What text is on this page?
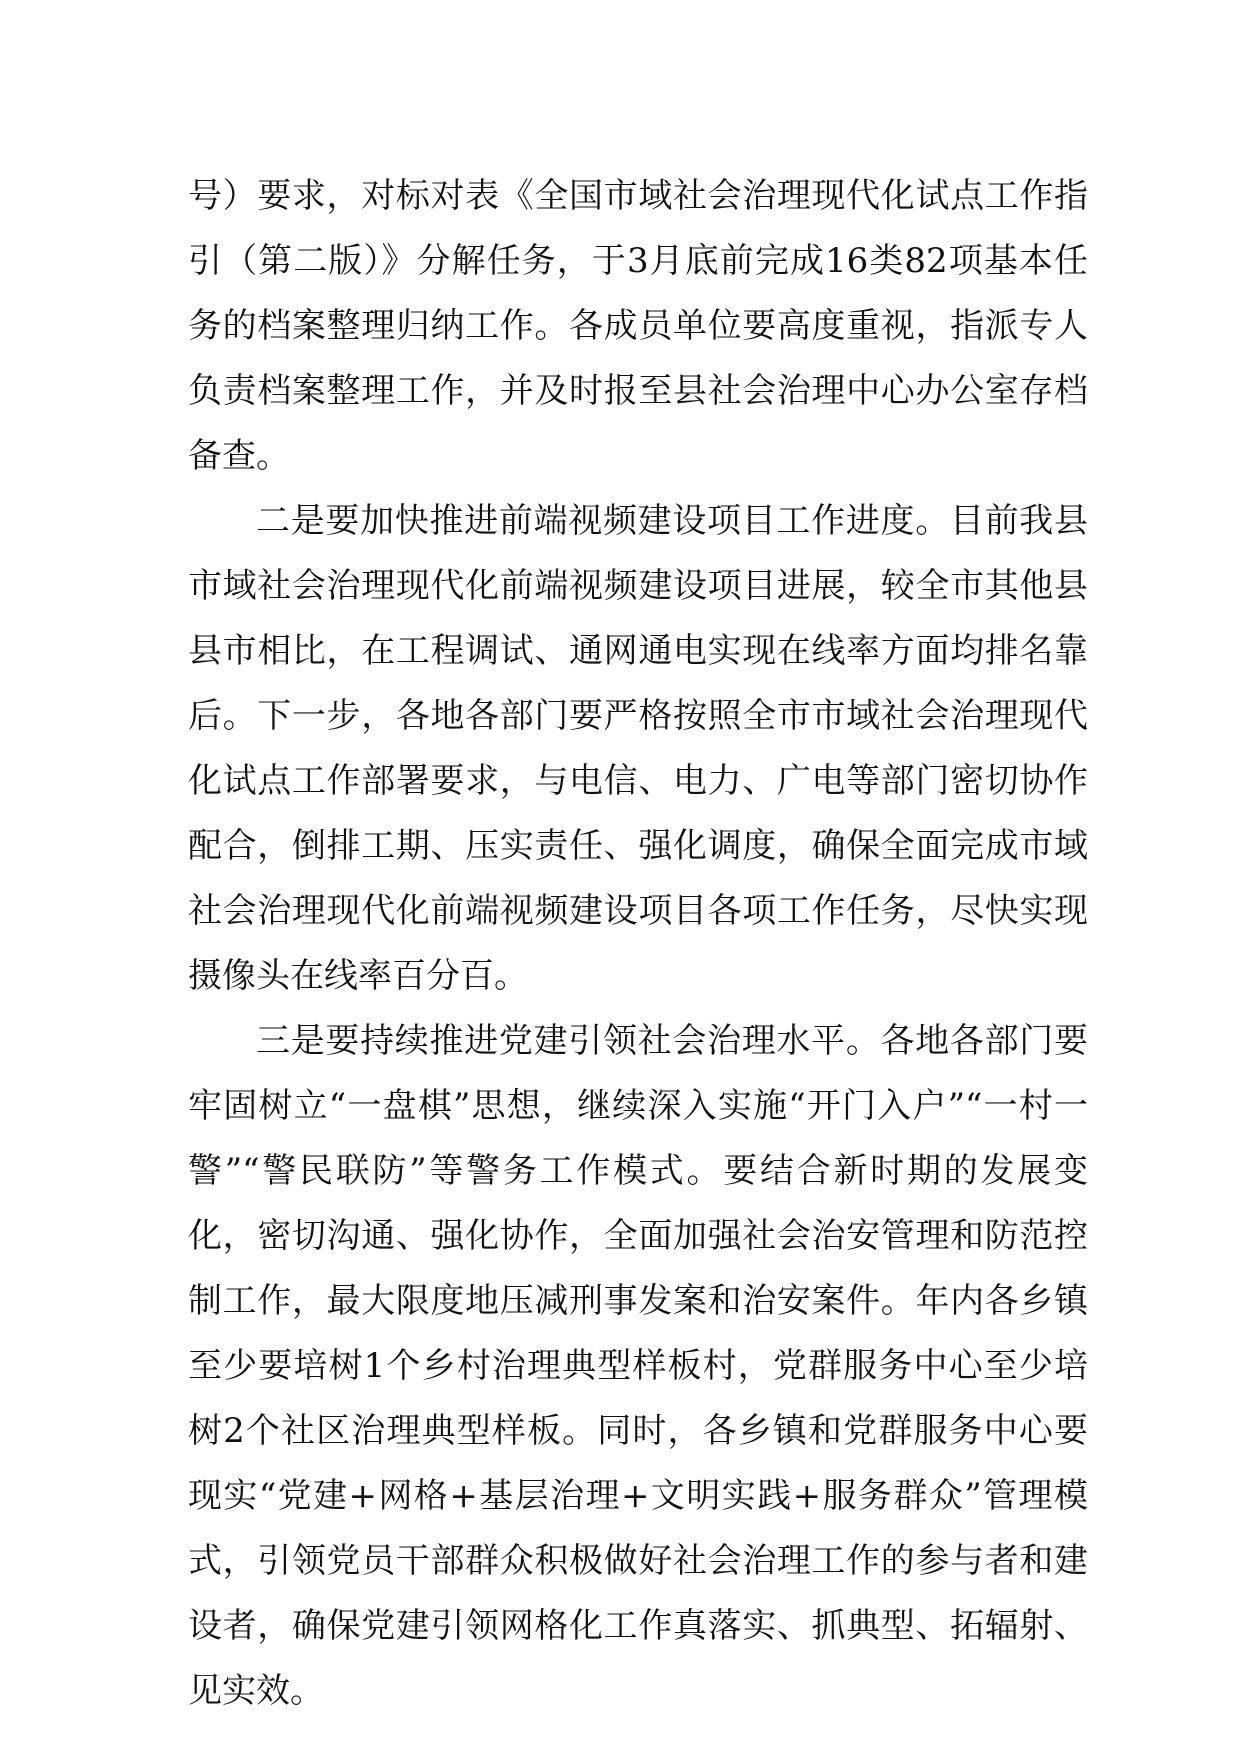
号）要求，对标对表《全国市域社会治理现代化试点工作指引（第二版）》分解任务，于3月底前完成16类82项基本任务的档案整理归纳工作。各成员单位要高度重视，指派专人负责档案整理工作，并及时报至县社会治理中心办公室存档备查。

二是要加快推进前端视频建设项目工作进度。目前我县市域社会治理现代化前端视频建设项目进展，较全市其他县县市相比，在工程调试、通网通电实现在线率方面均排名靠后。下一步，各地各部门要严格按照全市市域社会治理现代化试点工作部署要求，与电信、电力、广电等部门密切协作配合，倒排工期、压实责任、强化调度，确保全面完成市域社会治理现代化前端视频建设项目各项工作任务，尽快实现摄像头在线率百分百。

三是要持续推进党建引领社会治理水平。各地各部门要牢固树立“一盘棋”思想，继续深入实施“开门入户”“一村一警”“警民联防”等警务工作模式。要结合新时期的发展变化，密切沟通、强化协作，全面加强社会治安管理和防范控制工作，最大限度地压减刑事发案和治安案件。年内各乡镇至少要培树1个乡村治理典型样板村，党群服务中心至少培树2个社区治理典型样板。同时，各乡镇和党群服务中心要现实“党建+网格+基层治理+文明实践+服务群众”管理模式，引领党员干部群众积极做好社会治理工作的参与者和建设者，确保党建引领网格化工作真落实、抓典型、拓辐射、见实效。
